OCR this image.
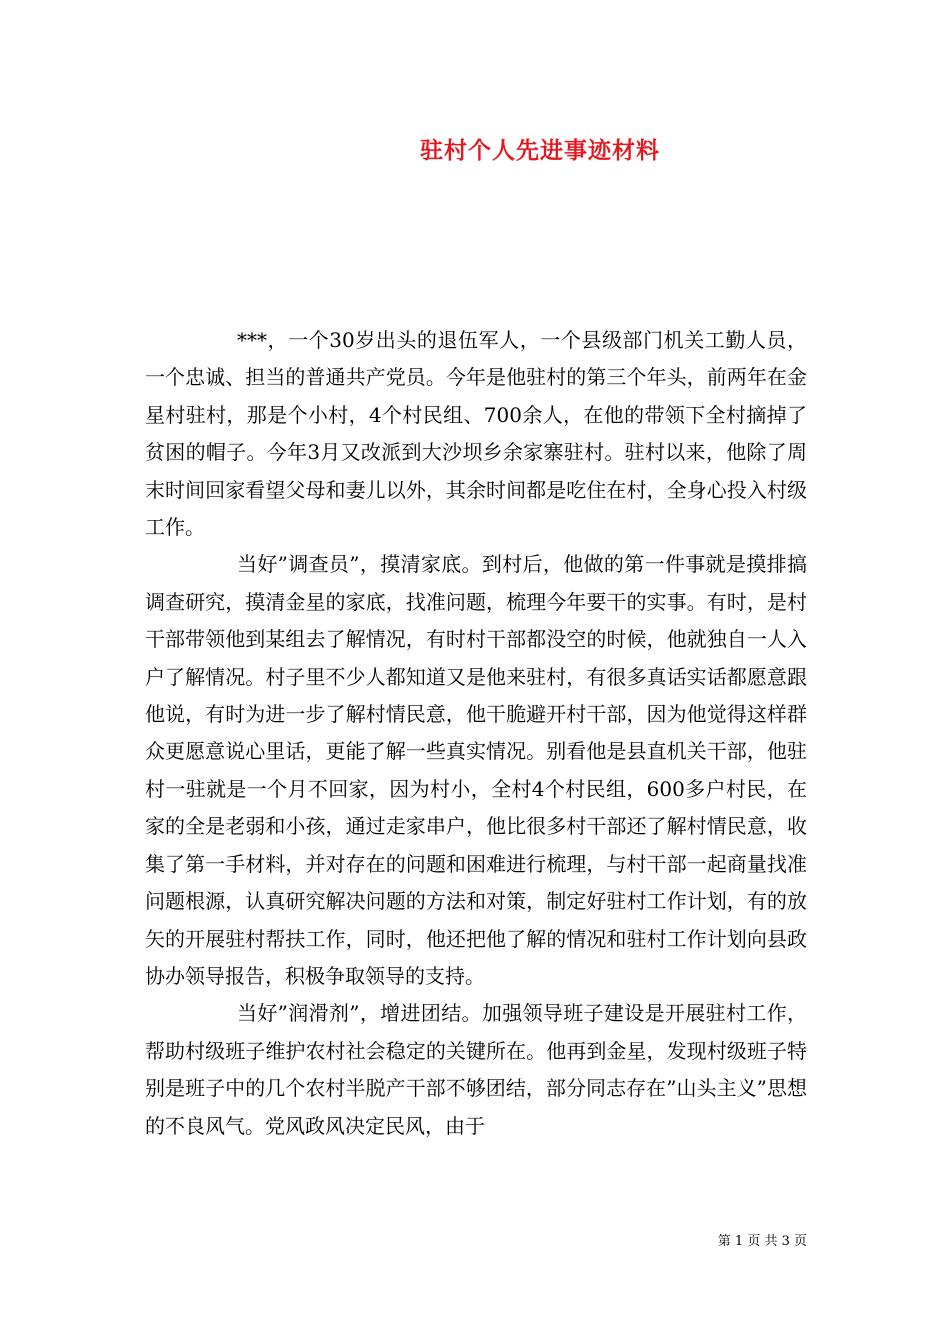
驻村个人先进事迹材料

***，一个30岁出头的退伍军人，一个县级部门机关工勤人员，一个忠诚、担当的普通共产党员。今年是他驻村的第三个年头，前两年在金星村驻村，那是个小村，4个村民组、700余人，在他的带领下全村摘掉了贫困的帽子。今年3月又改派到大沙坝乡余家寨驻村。驻村以来，他除了周末时间回家看望父母和妻儿以外，其余时间都是吃住在村，全身心投入村级工作。

当好”调查员”，摸清家底。到村后，他做的第一件事就是摸排搞调查研究，摸清金星的家底，找准问题，梳理今年要干的实事。有时，是村干部带领他到某组去了解情况，有时村干部都没空的时候，他就独自一人入户了解情况。村子里不少人都知道又是他来驻村，有很多真话实话都愿意跟他说，有时为进一步了解村情民意，他干脆避开村干部，因为他觉得这样群众更愿意说心里话，更能了解一些真实情况。别看他是县直机关干部，他驻村一驻就是一个月不回家，因为村小，全村4个村民组，600多户村民，在家的全是老弱和小孩，通过走家串户，他比很多村干部还了解村情民意，收集了第一手材料，并对存在的问题和困难进行梳理，与村干部一起商量找准问题根源，认真研究解决问题的方法和对策，制定好驻村工作计划，有的放矢的开展驻村帮扶工作，同时，他还把他了解的情况和驻村工作计划向县政协办领导报告，积极争取领导的支持。

当好”润滑剂”，增进团结。加强领导班子建设是开展驻村工作，帮助村级班子维护农村社会稳定的关键所在。他再到金星，发现村级班子特别是班子中的几个农村半脱产干部不够团结，部分同志存在”山头主义”思想的不良风气。党风政风决定民风，由于

第 1 页 共 3 页
